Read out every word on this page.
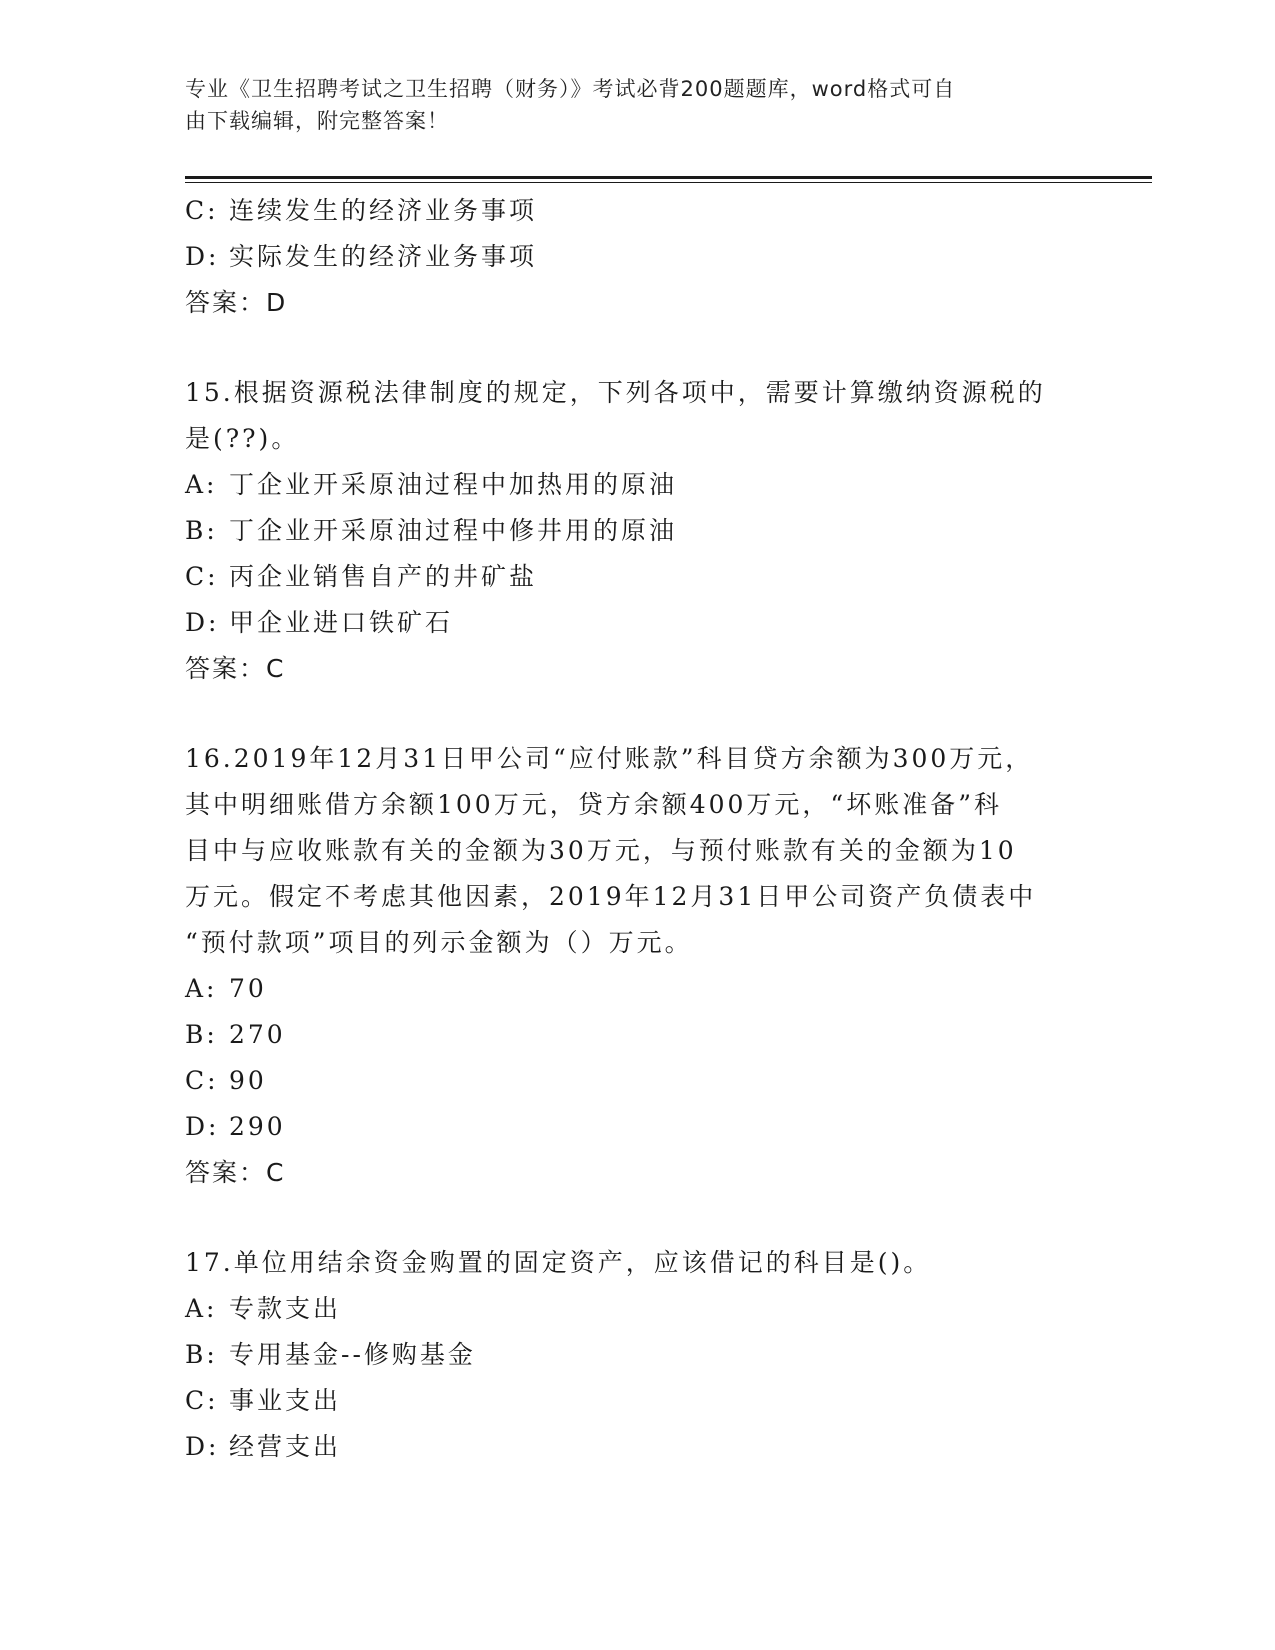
专业《卫生招聘考试之卫生招聘（财务）》考试必背200题题库，word格式可自
由下载编辑，附完整答案！

C: 连续发生的经济业务事项

D: 实际发生的经济业务事项

答案：D

15.根据资源税法律制度的规定，下列各项中，需要计算缴纳资源税的

是(??)。

A: 丁企业开采原油过程中加热用的原油

B: 丁企业开采原油过程中修井用的原油

C: 丙企业销售自产的井矿盐

D: 甲企业进口铁矿石

答案：C

16.2019年12月31日甲公司“应付账款”科目贷方余额为300万元，

其中明细账借方余额100万元，贷方余额400万元，“坏账准备”科

目中与应收账款有关的金额为30万元，与预付账款有关的金额为10

万元。假定不考虑其他因素，2019年12月31日甲公司资产负债表中

“预付款项”项目的列示金额为（）万元。

A: 70

B: 270

C: 90

D: 290

答案：C

17.单位用结余资金购置的固定资产，应该借记的科目是()。

A: 专款支出

B: 专用基金--修购基金

C: 事业支出

D: 经营支出
